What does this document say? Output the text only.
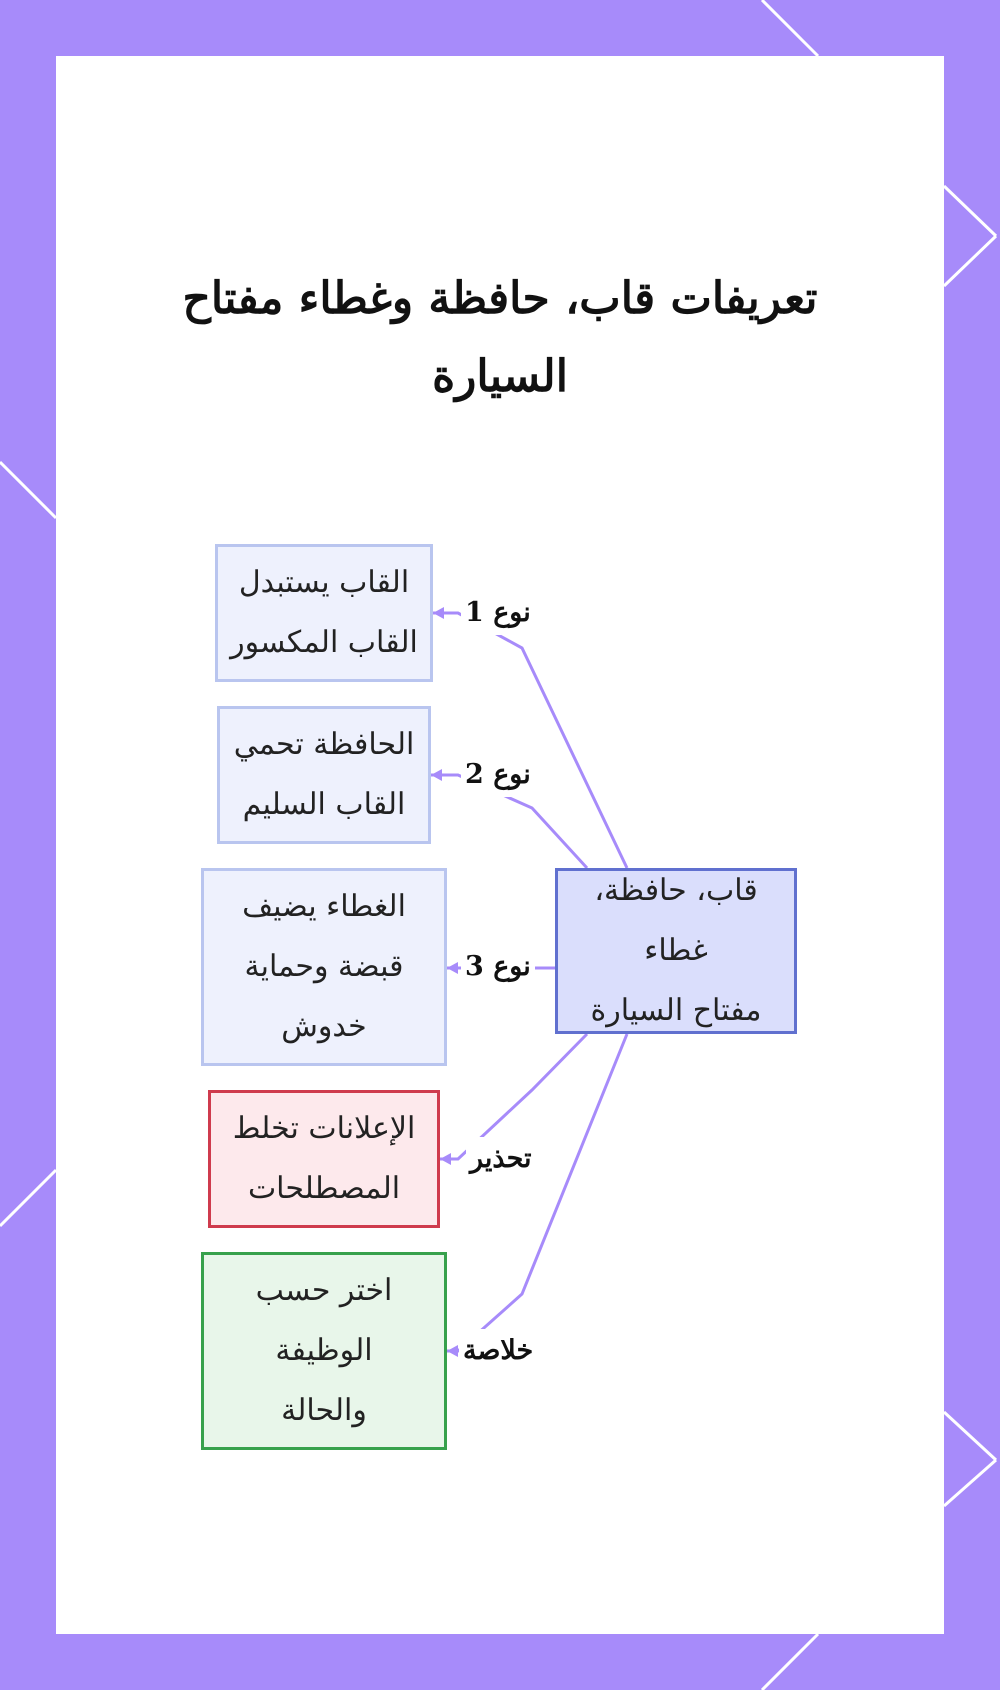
تعريفات قاب، حافظة وغطاء مفتاح
السيارة
قاب، حافظة،
غطاء
مفتاح السيارة
القاب يستبدل
القاب المكسور
الحافظة تحمي
القاب السليم
الغطاء يضيف
قبضة وحماية
خدوش
الإعلانات تخلط
المصطلحات
اختر حسب
الوظيفة
والحالة
نوع 1
نوع 2
نوع 3
تحذير
خلاصة
